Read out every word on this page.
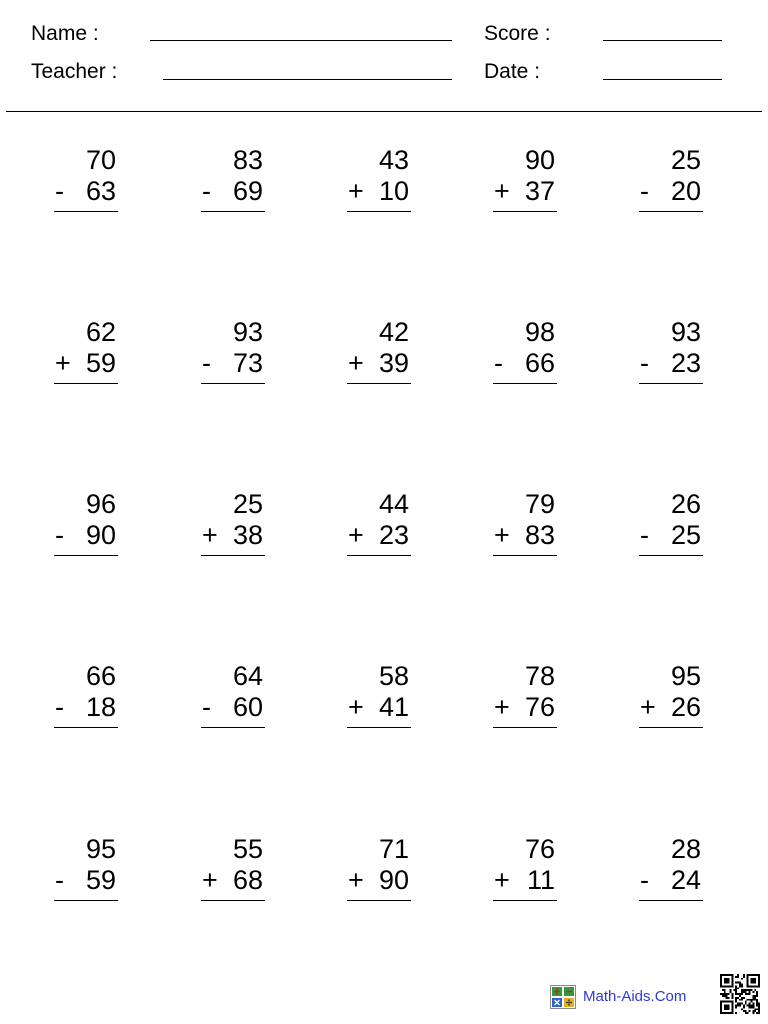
Name :
Teacher :
Score :
Date :
70
- 63
83
- 69
43
+ 10
90
+ 37
25
- 20
62
+ 59
93
- 73
42
+ 39
98
- 66
93
- 23
96
- 90
25
+ 38
44
+ 23
79
+ 83
26
- 25
66
- 18
64
- 60
58
+ 41
78
+ 76
95
+ 26
95
- 59
55
+ 68
71
+ 90
76
+ 11
28
- 24
Math-Aids.Com
